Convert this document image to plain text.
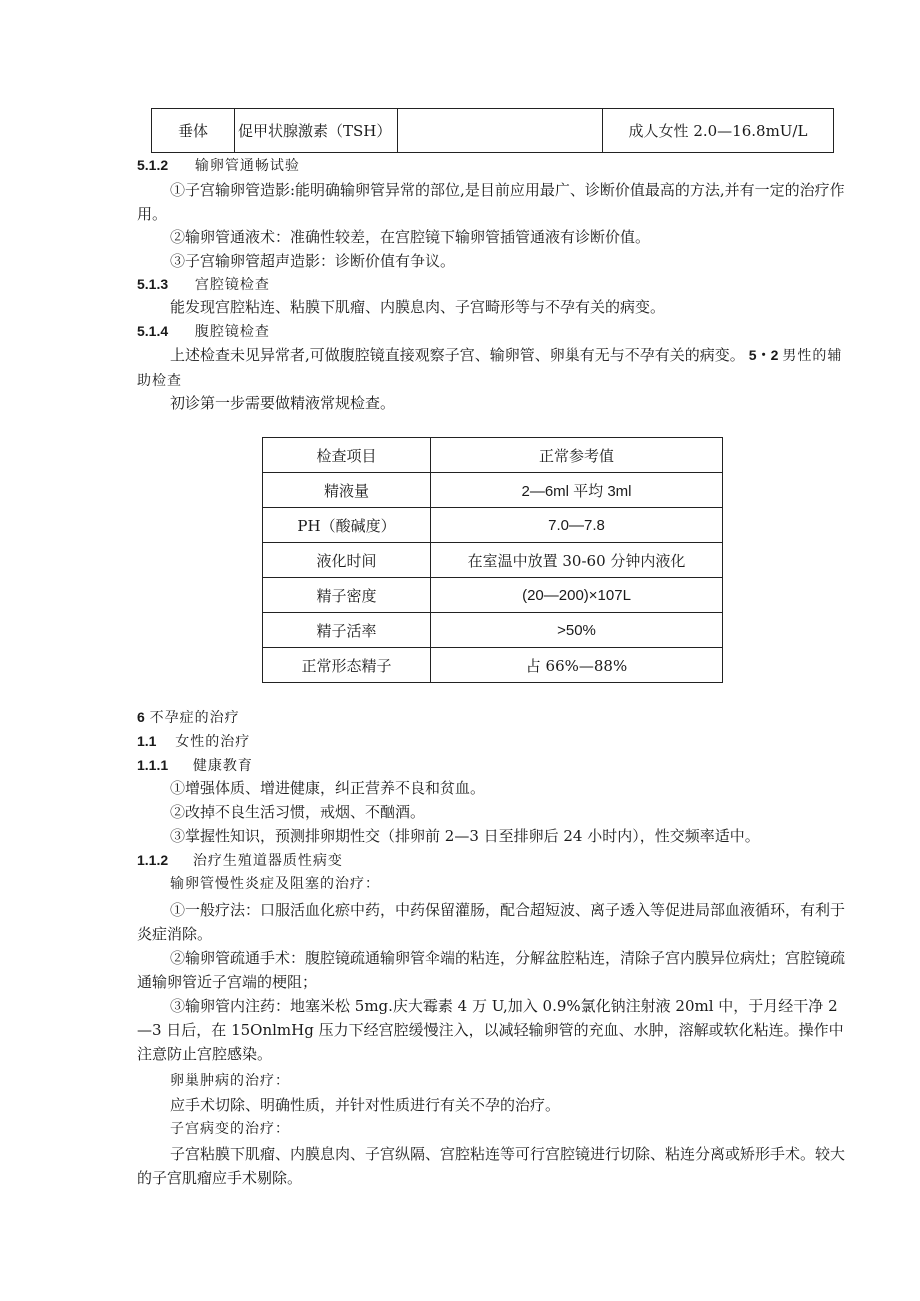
垂体	促甲状腺激素（TSH）		成人女性 2.0—16.8mU/L
5.1.2 输卵管通畅试验
①子宫输卵管造影:能明确输卵管异常的部位,是目前应用最广、诊断价值最高的方法,并有一定的治疗作用。
②输卵管通液术：准确性较差，在宫腔镜下输卵管插管通液有诊断价值。
③子宫输卵管超声造影：诊断价值有争议。
5.1.3 宫腔镜检查
能发现宫腔粘连、粘膜下肌瘤、内膜息肉、子宫畸形等与不孕有关的病变。
5.1.4 腹腔镜检查
上述检查未见异常者,可做腹腔镜直接观察子宫、输卵管、卵巢有无与不孕有关的病变。 5・2 男性的辅助检查
初诊第一步需要做精液常规检查。
检查项目	正常参考值
精液量	2—6ml 平均 3ml
PH（酸碱度）	7.0—7.8
液化时间	在室温中放置 30-60 分钟内液化
精子密度	(20—200)×107L
精子活率	>50%
正常形态精子	占 66%—88%
6 不孕症的治疗
1.1 女性的治疗
1.1.1 健康教育
①增强体质、增进健康，纠正营养不良和贫血。
②改掉不良生活习惯，戒烟、不酗酒。
③掌握性知识，预测排卵期性交（排卵前 2—3 日至排卵后 24 小时内），性交频率适中。
1.1.2 治疗生殖道器质性病变
输卵管慢性炎症及阻塞的治疗：
①一般疗法：口服活血化瘀中药，中药保留灌肠，配合超短波、离子透入等促进局部血液循环，有利于炎症消除。
②输卵管疏通手术：腹腔镜疏通输卵管伞端的粘连，分解盆腔粘连，清除子宫内膜异位病灶；宫腔镜疏通输卵管近子宫端的梗阻；
③输卵管内注药：地塞米松 5mg.庆大霉素 4 万 U,加入 0.9%氯化钠注射液 20ml 中，于月经干净 2—3 日后，在 15OnlmHg 压力下经宫腔缓慢注入，以减轻输卵管的充血、水肿，溶解或软化粘连。操作中注意防止宫腔感染。
卵巢肿病的治疗：
应手术切除、明确性质，并针对性质进行有关不孕的治疗。
子宫病变的治疗：
子宫粘膜下肌瘤、内膜息肉、子宫纵隔、宫腔粘连等可行宫腔镜进行切除、粘连分离或矫形手术。较大的子宫肌瘤应手术剔除。
